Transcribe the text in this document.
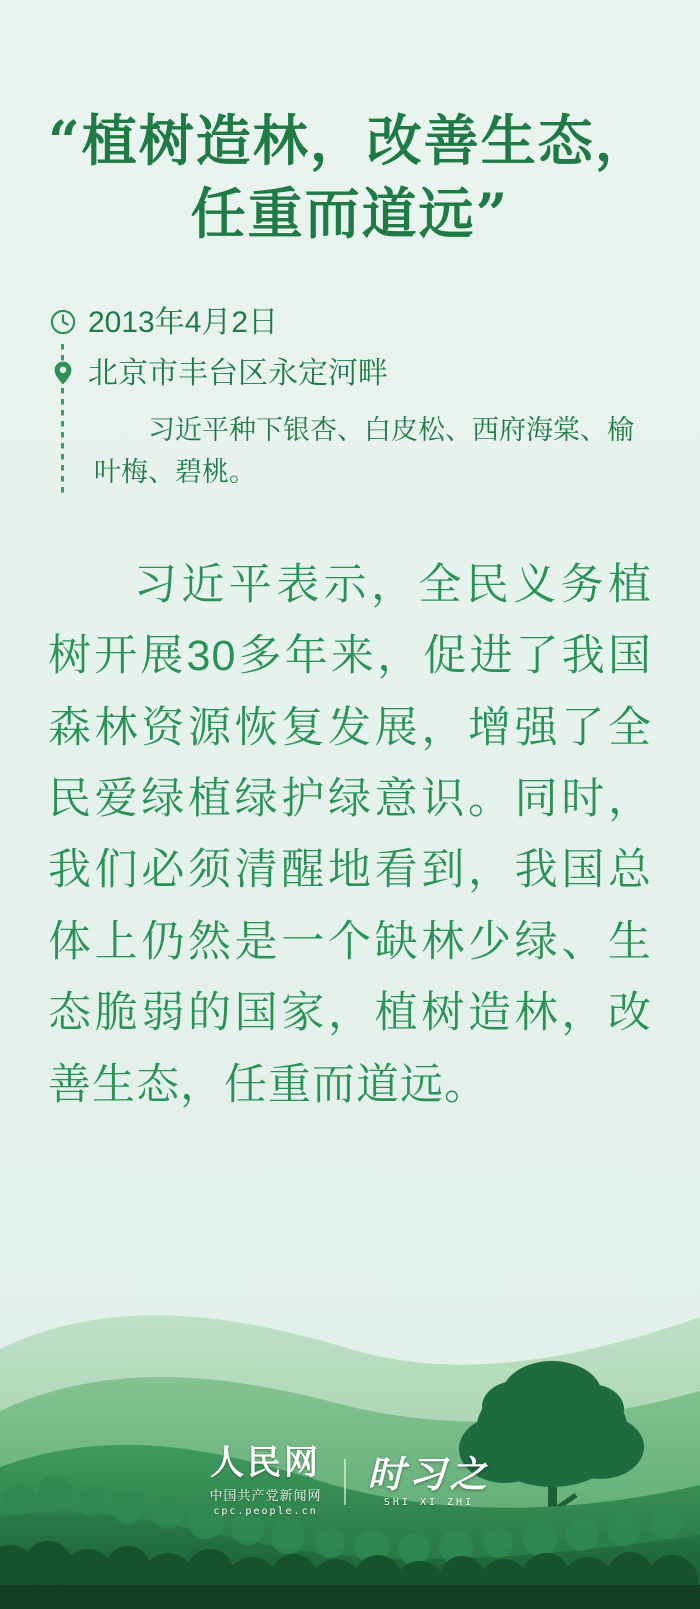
“植树造林，改善生态，
任重而道远”
2013年4月2日
北京市丰台区永定河畔
习近平种下银杏、白皮松、西府海棠、榆叶梅、碧桃。
习近平表示，全民义务植树开展30多年来，促进了我国森林资源恢复发展，增强了全民爱绿植绿护绿意识。同时，我们必须清醒地看到，我国总体上仍然是一个缺林少绿、生态脆弱的国家，植树造林，改善生态，任重而道远。
人民网
中国共产党新闻网
cpc.people.cn
时习之
SHI XI ZHI
